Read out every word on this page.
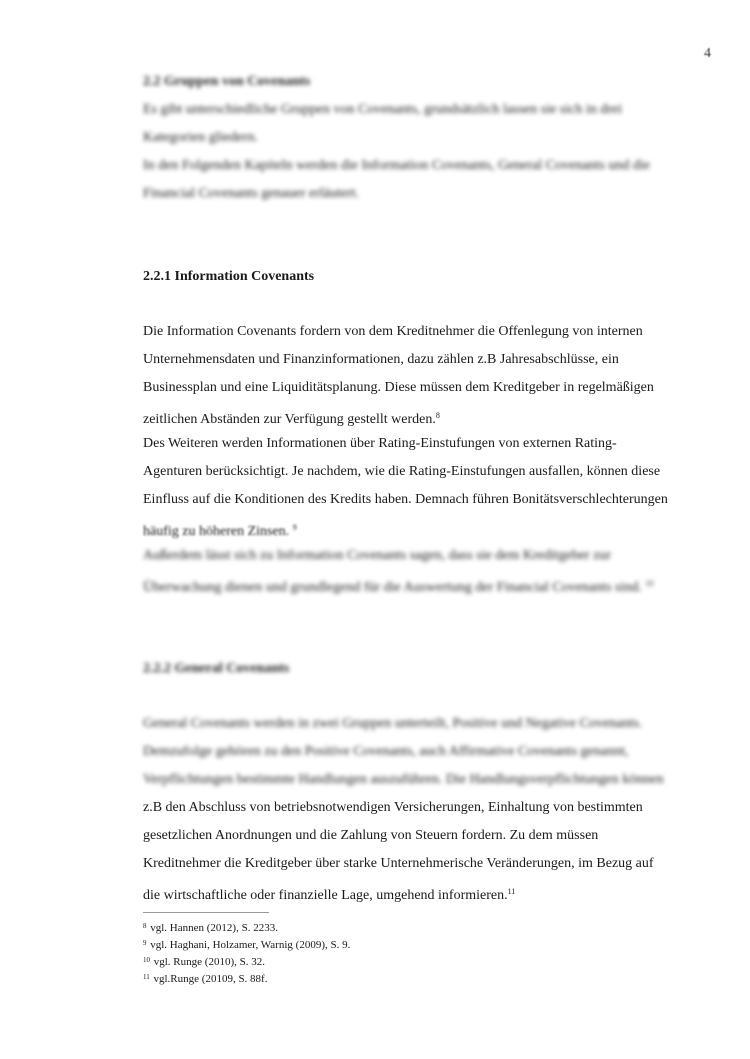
4
2.2 Gruppen von Covenants
Es gibt unterschiedliche Gruppen von Covenants, grundsätzlich lassen sie sich in drei
Kategorien gliedern.
In den Folgenden Kapiteln werden die Information Covenants, General Covenants und die
Financial Covenants genauer erläutert.
2.2.1 Information Covenants
Die Information Covenants fordern von dem Kreditnehmer die Offenlegung von internen
Unternehmensdaten und Finanzinformationen, dazu zählen z.B Jahresabschlüsse, ein
Businessplan und eine Liquiditätsplanung. Diese müssen dem Kreditgeber in regelmäßigen
zeitlichen Abständen zur Verfügung gestellt werden.$^8$
Des Weiteren werden Informationen über Rating-Einstufungen von externen Rating-
Agenturen berücksichtigt. Je nachdem, wie die Rating-Einstufungen ausfallen, können diese
Einfluss auf die Konditionen des Kredits haben. Demnach führen Bonitätsverschlechterungen
häufig zu höheren Zinsen. $^9$
Außerdem lässt sich zu Information Covenants sagen, dass sie dem Kreditgeber zur
Überwachung dienen und grundlegend für die Auswertung der Financial Covenants sind. $^{10}$
2.2.2 General Covenants
General Covenants werden in zwei Gruppen unterteilt, Positive und Negative Covenants.
Demzufolge gehören zu den Positive Covenants, auch Affirmative Covenants genannt,
Verpflichtungen bestimmte Handlungen auszuführen. Die Handlungsverpflichtungen können
z.B den Abschluss von betriebsnotwendigen Versicherungen, Einhaltung von bestimmten
gesetzlichen Anordnungen und die Zahlung von Steuern fordern. Zu dem müssen
Kreditnehmer die Kreditgeber über starke Unternehmerische Veränderungen, im Bezug auf
die wirtschaftliche oder finanzielle Lage, umgehend informieren.$^{11}$
$^8$ vgl. Hannen (2012), S. 2233.
$^9$ vgl. Haghani, Holzamer, Warnig (2009), S. 9.
$^{10}$ vgl. Runge (2010), S. 32.
$^{11}$ vgl.Runge (20109, S. 88f.
